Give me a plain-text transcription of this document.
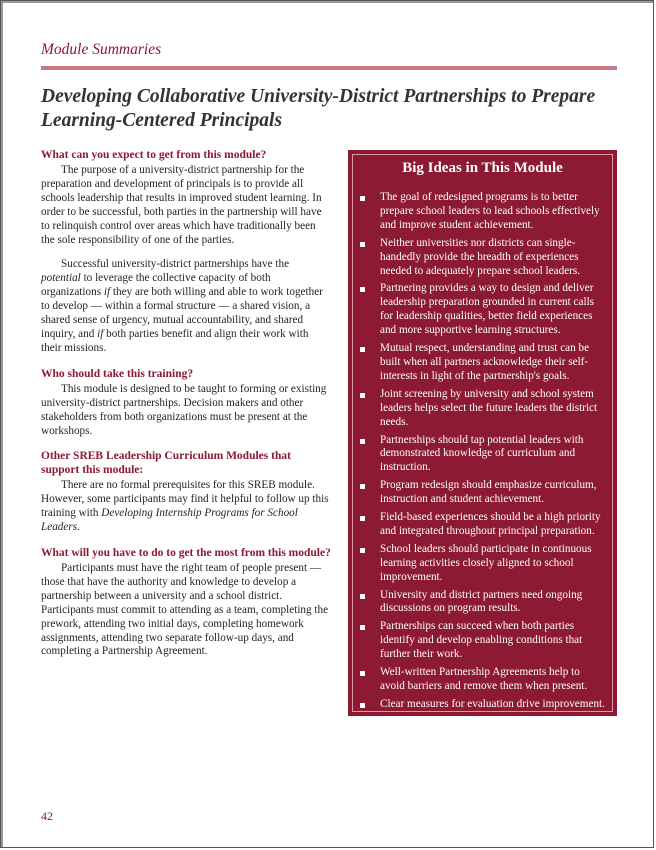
Module Summaries
Developing Collaborative University-District Partnerships to Prepare Learning-Centered Principals

What can you expect to get from this module?

The purpose of a university-district partnership for the preparation and development of principals is to provide all schools leadership that results in improved student learning. In order to be successful, both parties in the partnership will have to relinquish control over areas which have traditionally been the sole responsibility of one of the parties.

Successful university-district partnerships have the potential to leverage the collective capacity of both organizations if they are both willing and able to work together to develop — within a formal structure — a shared vision, a shared sense of urgency, mutual accountability, and shared inquiry, and if both parties benefit and align their work with their missions.

Who should take this training?

This module is designed to be taught to forming or existing university-district partnerships. Decision makers and other stakeholders from both organizations must be present at the workshops.

Other SREB Leadership Curriculum Modules that support this module:

There are no formal prerequisites for this SREB module. However, some participants may find it helpful to follow up this training with Developing Internship Programs for School Leaders.

What will you have to do to get the most from this module?

Participants must have the right team of people present — those that have the authority and knowledge to develop a partnership between a university and a school district. Participants must commit to attending as a team, completing the prework, attending two initial days, completing homework assignments, attending two separate follow-up days, and completing a Partnership Agreement.

Big Ideas in This Module
The goal of redesigned programs is to better prepare school leaders to lead schools effectively and improve student achievement.
Neither universities nor districts can single-handedly provide the breadth of experiences needed to adequately prepare school leaders.
Partnering provides a way to design and deliver leadership preparation grounded in current calls for leadership qualities, better field experiences and more supportive learning structures.
Mutual respect, understanding and trust can be built when all partners acknowledge their self-interests in light of the partnership's goals.
Joint screening by university and school system leaders helps select the future leaders the district needs.
Partnerships should tap potential leaders with demonstrated knowledge of curriculum and instruction.
Program redesign should emphasize curriculum, instruction and student achievement.
Field-based experiences should be a high priority and integrated throughout principal preparation.
School leaders should participate in continuous learning activities closely aligned to school improvement.
University and district partners need ongoing discussions on program results.
Partnerships can succeed when both parties identify and develop enabling conditions that further their work.
Well-written Partnership Agreements help to avoid barriers and remove them when present.
Clear measures for evaluation drive improvement.
42
